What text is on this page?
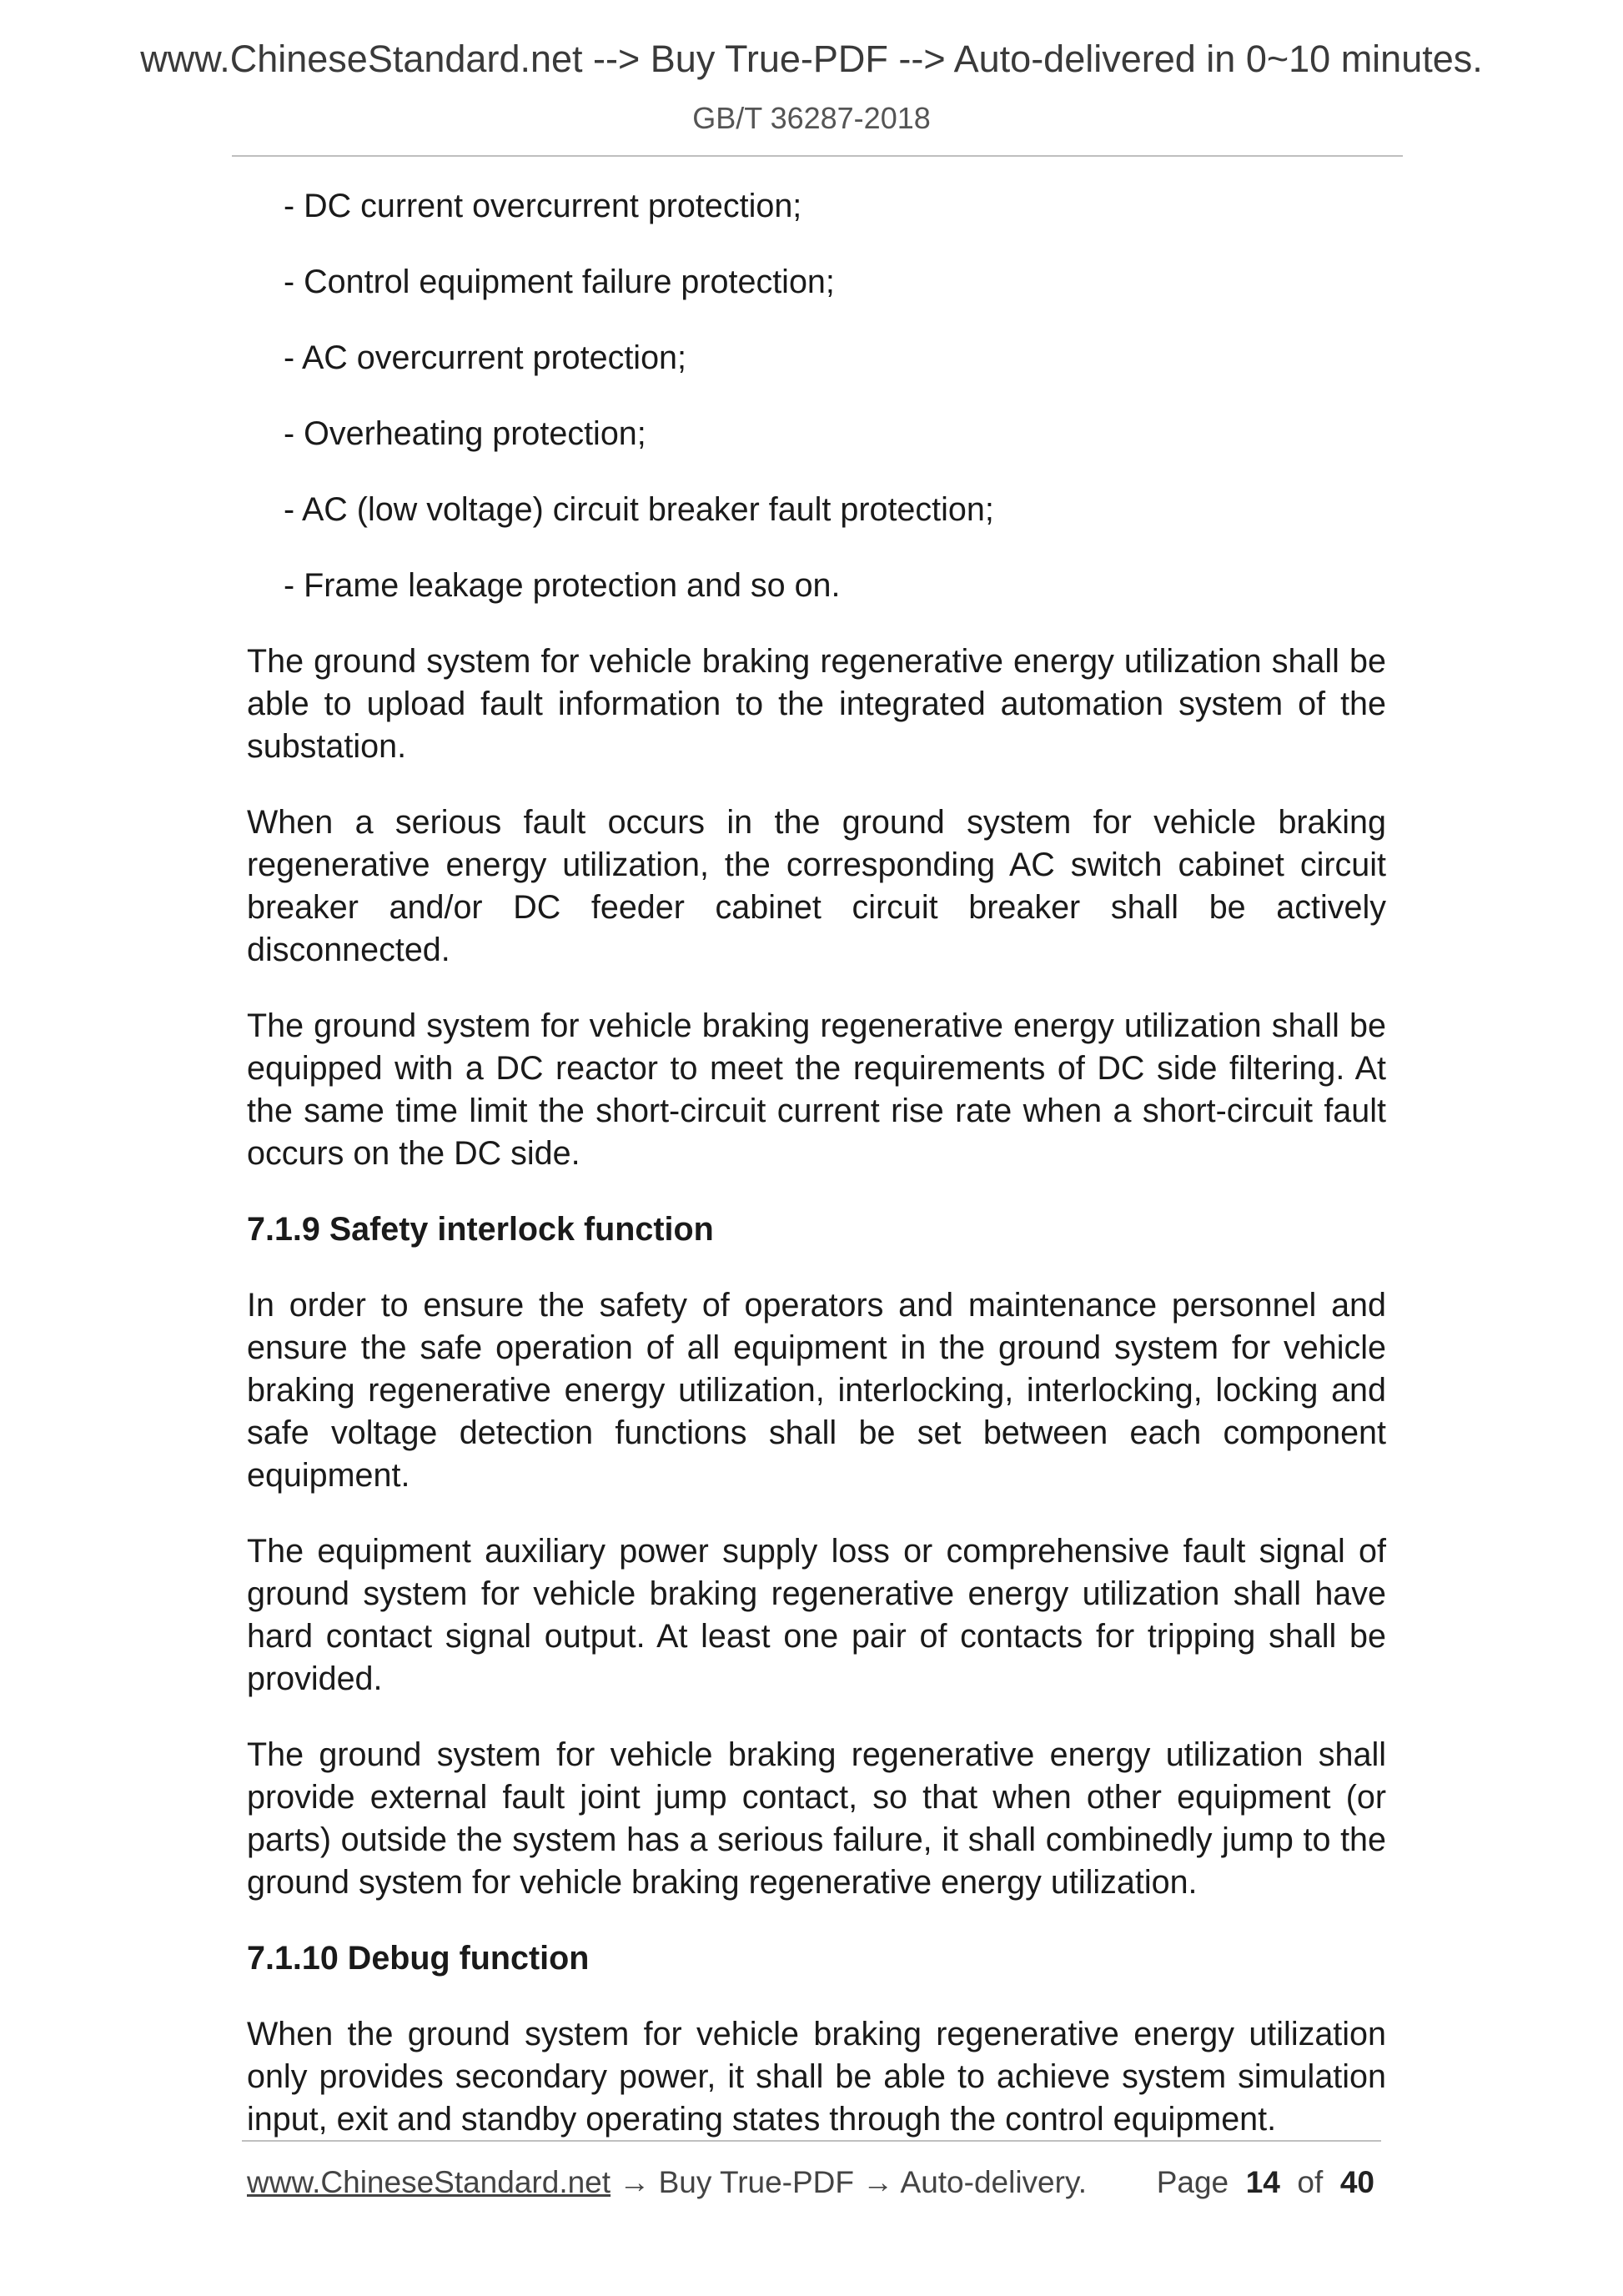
www.ChineseStandard.net --> Buy True-PDF --> Auto-delivered in 0~10 minutes.
GB/T 36287-2018
- DC current overcurrent protection;
- Control equipment failure protection;
- AC overcurrent protection;
- Overheating protection;
- AC (low voltage) circuit breaker fault protection;
- Frame leakage protection and so on.

The ground system for vehicle braking regenerative energy utilization shall be able to upload fault information to the integrated automation system of the substation.

When a serious fault occurs in the ground system for vehicle braking regenerative energy utilization, the corresponding AC switch cabinet circuit breaker and/or DC feeder cabinet circuit breaker shall be actively disconnected.

The ground system for vehicle braking regenerative energy utilization shall be equipped with a DC reactor to meet the requirements of DC side filtering. At the same time limit the short-circuit current rise rate when a short-circuit fault occurs on the DC side.

7.1.9 Safety interlock function

In order to ensure the safety of operators and maintenance personnel and ensure the safe operation of all equipment in the ground system for vehicle braking regenerative energy utilization, interlocking, interlocking, locking and safe voltage detection functions shall be set between each component equipment.

The equipment auxiliary power supply loss or comprehensive fault signal of ground system for vehicle braking regenerative energy utilization shall have hard contact signal output. At least one pair of contacts for tripping shall be provided.

The ground system for vehicle braking regenerative energy utilization shall provide external fault joint jump contact, so that when other equipment (or parts) outside the system has a serious failure, it shall combinedly jump to the ground system for vehicle braking regenerative energy utilization.

7.1.10 Debug function

When the ground system for vehicle braking regenerative energy utilization only provides secondary power, it shall be able to achieve system simulation input, exit and standby operating states through the control equipment.

www.ChineseStandard.net → Buy True-PDF → Auto-delivery. Page 14 of 40
